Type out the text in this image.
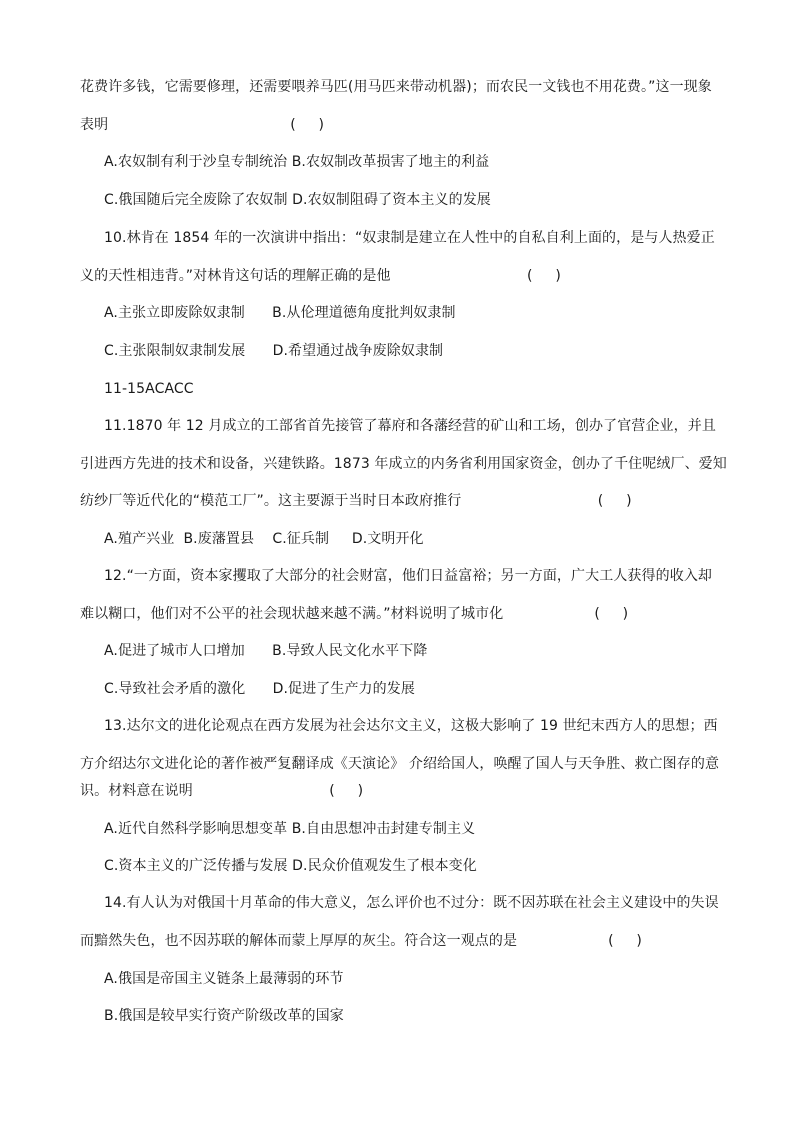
花费许多钱，它需要修理，还需要喂养马匹(用马匹来带动机器)；而农民一文钱也不用花费。”这一现象
表明                                        (     )
A.农奴制有利于沙皇专制统治 B.农奴制改革损害了地主的利益
C.俄国随后完全废除了农奴制 D.农奴制阻碍了资本主义的发展
10.林肯在 1854 年的一次演讲中指出：“奴隶制是建立在人性中的自私自利上面的，是与人热爱正
义的天性相违背。”对林肯这句话的理解正确的是他                              (     )
A.主张立即废除奴隶制      B.从伦理道德角度批判奴隶制
C.主张限制奴隶制发展      D.希望通过战争废除奴隶制
11-15ACACC
11.1870 年 12 月成立的工部省首先接管了幕府和各藩经营的矿山和工场，创办了官营企业，并且
引进西方先进的技术和设备，兴建铁路。1873 年成立的内务省利用国家资金，创办了千住呢绒厂、爱知
纺纱厂等近代化的“模范工厂”。这主要源于当时日本政府推行                              (     )
A.殖产兴业  B.废藩置县    C.征兵制     D.文明开化
12.“一方面，资本家攫取了大部分的社会财富，他们日益富裕；另一方面，广大工人获得的收入却
难以糊口，他们对不公平的社会现状越来越不满。”材料说明了城市化                    (     )
A.促进了城市人口增加      B.导致人民文化水平下降
C.导致社会矛盾的激化      D.促进了生产力的发展
13.达尔文的进化论观点在西方发展为社会达尔文主义，这极大影响了 19 世纪末西方人的思想；西
方介绍达尔文进化论的著作被严复翻译成《天演论》 介绍给国人，唤醒了国人与天争胜、救亡图存的意
识。材料意在说明                              (     )
A.近代自然科学影响思想变革 B.自由思想冲击封建专制主义
C.资本主义的广泛传播与发展 D.民众价值观发生了根本变化
14.有人认为对俄国十月革命的伟大意义，怎么评价也不过分：既不因苏联在社会主义建设中的失误
而黯然失色，也不因苏联的解体而蒙上厚厚的灰尘。符合这一观点的是                    (     )
A.俄国是帝国主义链条上最薄弱的环节
B.俄国是较早实行资产阶级改革的国家
